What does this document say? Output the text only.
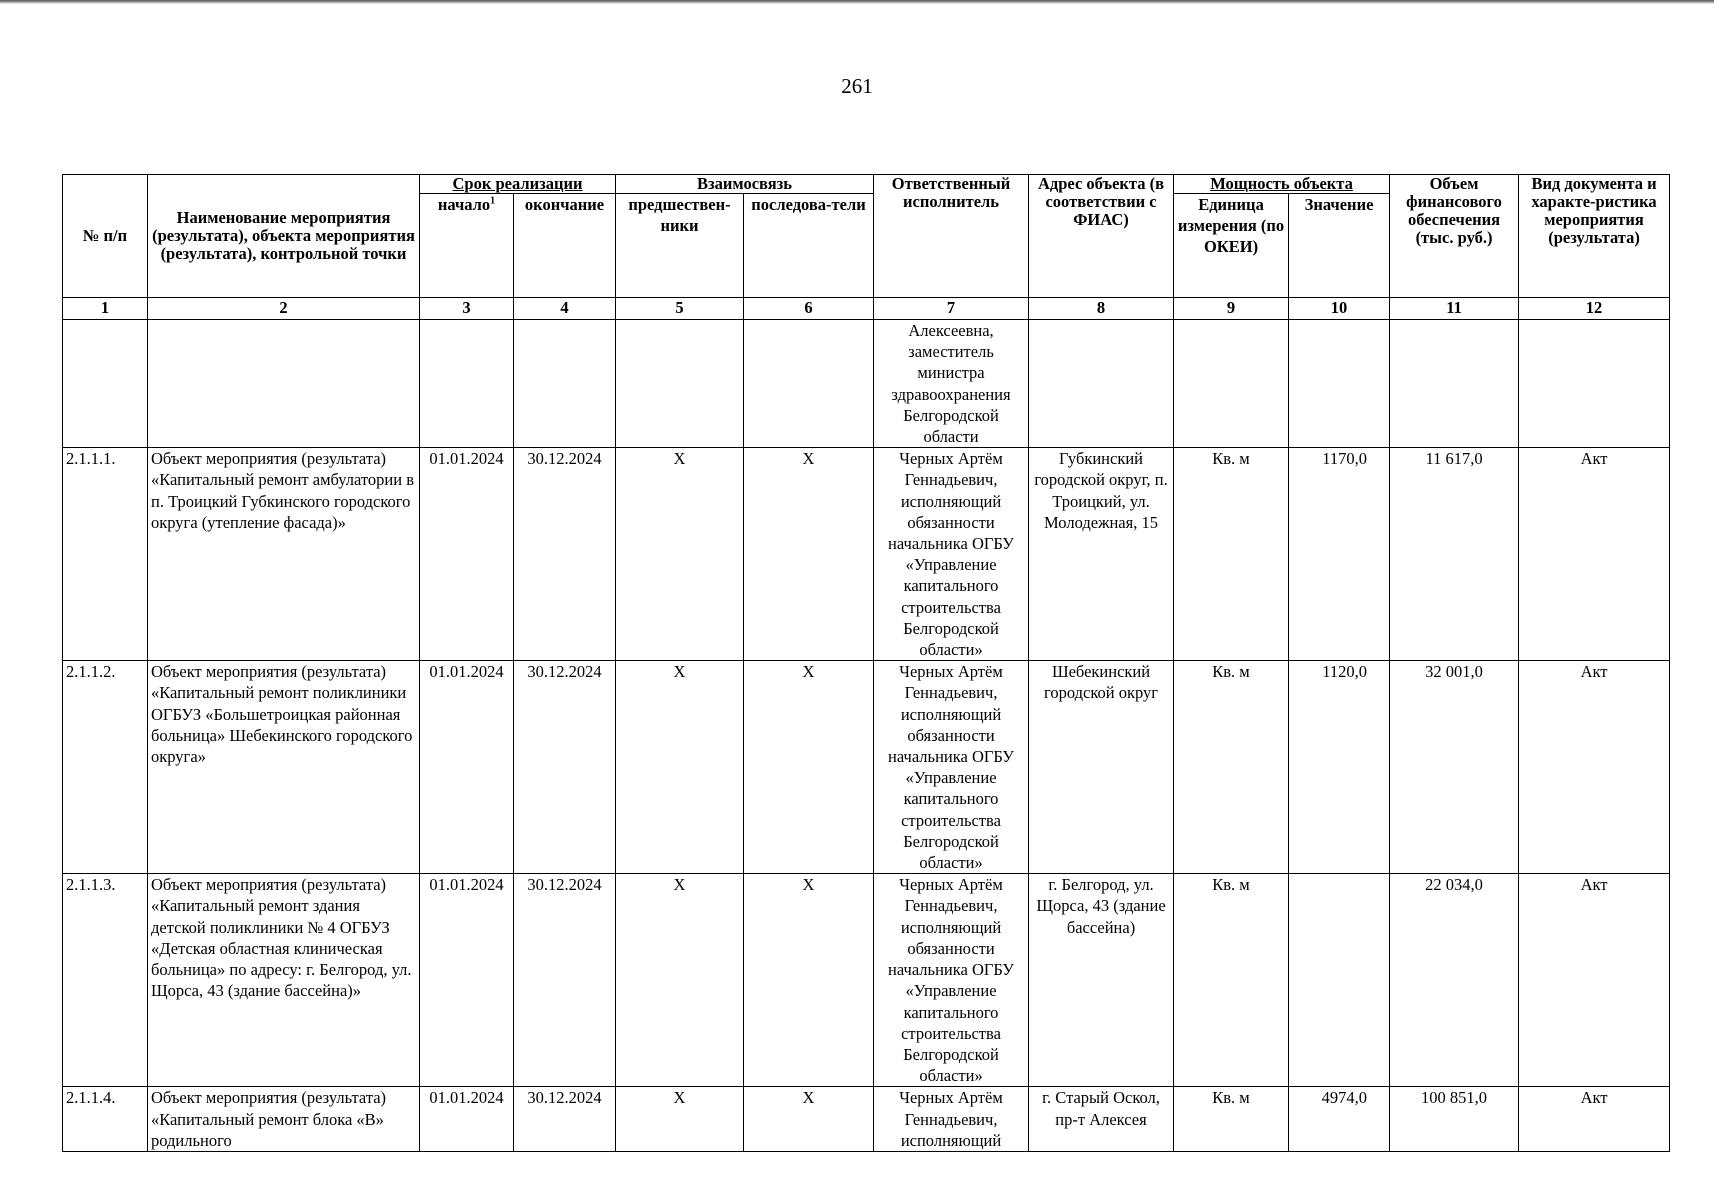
261
№ п/п	Наименование мероприятия (результата), объекта мероприятия (результата), контрольной точки	Срок реализации		Взаимосвязь		Ответственный исполнитель	Адрес объекта (в соответствии с ФИАС)	Мощность объекта		Объем финансового обеспечения (тыс. руб.)	Вид документа и характе-ристика мероприятия (результата)
		начало$^1$	окончание	предшествен-ники	последова-тели			Единица измерения (по ОКЕИ)	Значение		
1	2	3	4	5	6	7	8	9	10	11	12
						Алексеевна, заместитель министра здравоохранения Белгородской области					
2.1.1.1.	Объект мероприятия (результата) «Капитальный ремонт амбулатории в п. Троицкий Губкинского городского округа (утепление фасада)»	01.01.2024	30.12.2024	Х	Х	Черных Артём Геннадьевич, исполняющий обязанности начальника ОГБУ «Управление капитального строительства Белгородской области»	Губкинский городской округ, п. Троицкий, ул. Молодежная, 15	Кв. м	1170,0	11 617,0	Акт
2.1.1.2.	Объект мероприятия (результата) «Капитальный ремонт поликлиники ОГБУЗ «Большетроицкая районная больница» Шебекинского городского округа»	01.01.2024	30.12.2024	Х	Х	Черных Артём Геннадьевич, исполняющий обязанности начальника ОГБУ «Управление капитального строительства Белгородской области»	Шебекинский городской округ	Кв. м	1120,0	32 001,0	Акт
2.1.1.3.	Объект мероприятия (результата) «Капитальный ремонт здания детской поликлиники № 4 ОГБУЗ «Детская областная клиническая больница» по адресу: г. Белгород, ул. Щорса, 43 (здание бассейна)»	01.01.2024	30.12.2024	Х	Х	Черных Артём Геннадьевич, исполняющий обязанности начальника ОГБУ «Управление капитального строительства Белгородской области»	г. Белгород, ул. Щорса, 43 (здание бассейна)	Кв. м		22 034,0	Акт
2.1.1.4.	Объект мероприятия (результата) «Капитальный ремонт блока «В» родильного	01.01.2024	30.12.2024	Х	Х	Черных Артём Геннадьевич, исполняющий	г. Старый Оскол, пр-т Алексея	Кв. м	4974,0	100 851,0	Акт
